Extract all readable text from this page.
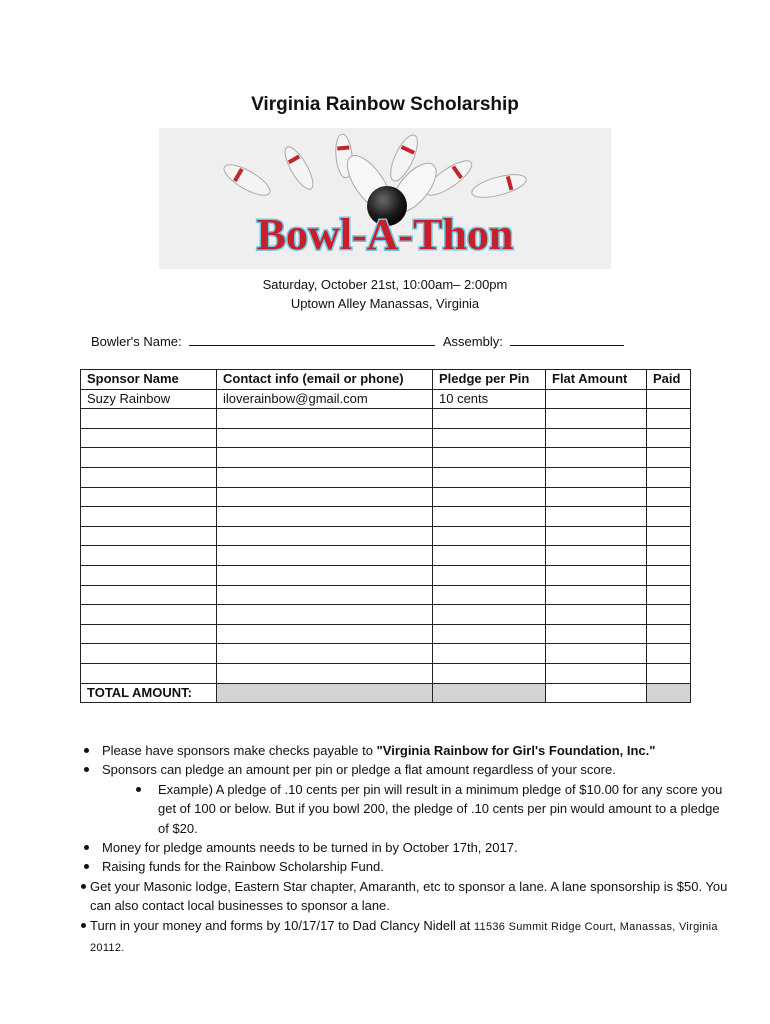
Virginia Rainbow Scholarship
Bowl-A-Thon
Saturday, October 21st, 10:00am– 2:00pm
Uptown Alley Manassas, Virginia
Bowler's Name:	Assembly:
Sponsor Name	Contact info (email or phone)	Pledge per Pin	Flat Amount	Paid
Suzy Rainbow	iloverainbow@gmail.com	10 cents		

TOTAL AMOUNT:				
Please have sponsors make checks payable to "Virginia Rainbow for Girl's Foundation, Inc."
Sponsors can pledge an amount per pin or pledge a flat amount regardless of your score.
Example) A pledge of .10 cents per pin will result in a minimum pledge of $10.00 for any score you get of 100 or below. But if you bowl 200, the pledge of .10 cents per pin would amount to a pledge of $20.
Money for pledge amounts needs to be turned in by October 17th, 2017.
Raising funds for the Rainbow Scholarship Fund.
Get your Masonic lodge, Eastern Star chapter, Amaranth, etc to sponsor a lane. A lane sponsorship is $50. You can also contact local businesses to sponsor a lane.
Turn in your money and forms by 10/17/17 to Dad Clancy Nidell at 11536 Summit Ridge Court, Manassas, Virginia 20112.
